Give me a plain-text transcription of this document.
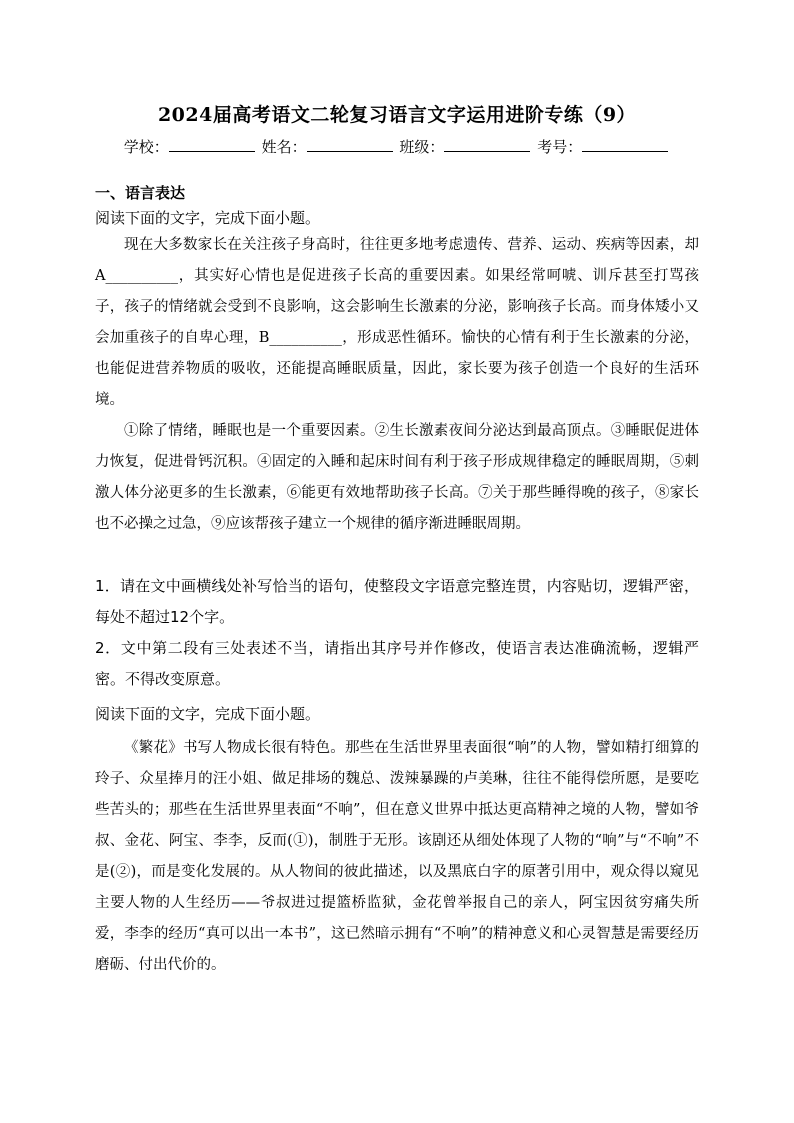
2024届高考语文二轮复习语言文字运用进阶专练（9）
学校：	姓名：	班级：	考号：
一、语言表达
阅读下面的文字，完成下面小题。

现在大多数家长在关注孩子身高时，往往更多地考虑遗传、营养、运动、疾病等因素，却A__________，其实好心情也是促进孩子长高的重要因素。如果经常呵唬、训斥甚至打骂孩子，孩子的情绪就会受到不良影响，这会影响生长激素的分泌，影响孩子长高。而身体矮小又会加重孩子的自卑心理，B__________，形成恶性循环。愉快的心情有利于生长激素的分泌，也能促进营养物质的吸收，还能提高睡眠质量，因此，家长要为孩子创造一个良好的生活环境。

①除了情绪，睡眠也是一个重要因素。②生长激素夜间分泌达到最高顶点。③睡眠促进体力恢复，促进骨钙沉积。④固定的入睡和起床时间有利于孩子形成规律稳定的睡眠周期，⑤刺激人体分泌更多的生长激素，⑥能更有效地帮助孩子长高。⑦关于那些睡得晚的孩子，⑧家长也不必操之过急，⑨应该帮孩子建立一个规律的循序渐进睡眠周期。

1．请在文中画横线处补写恰当的语句，使整段文字语意完整连贯，内容贴切，逻辑严密，每处不超过12个字。

2．文中第二段有三处表述不当，请指出其序号并作修改，使语言表达准确流畅，逻辑严密。不得改变原意。

阅读下面的文字，完成下面小题。

《繁花》书写人物成长很有特色。那些在生活世界里表面很“响”的人物，譬如精打细算的玲子、众星捧月的汪小姐、做足排场的魏总、泼辣暴躁的卢美琳，往往不能得偿所愿，是要吃些苦头的；那些在生活世界里表面“不响”，但在意义世界中抵达更高精神之境的人物，譬如爷叔、金花、阿宝、李李，反而(①)，制胜于无形。该剧还从细处体现了人物的“响”与“不响”不是(②)，而是变化发展的。从人物间的彼此描述，以及黑底白字的原著引用中，观众得以窥见主要人物的人生经历——爷叔进过提篮桥监狱，金花曾举报自己的亲人，阿宝因贫穷痛失所爱，李李的经历“真可以出一本书”，这已然暗示拥有“不响”的精神意义和心灵智慧是需要经历磨砺、付出代价的。
